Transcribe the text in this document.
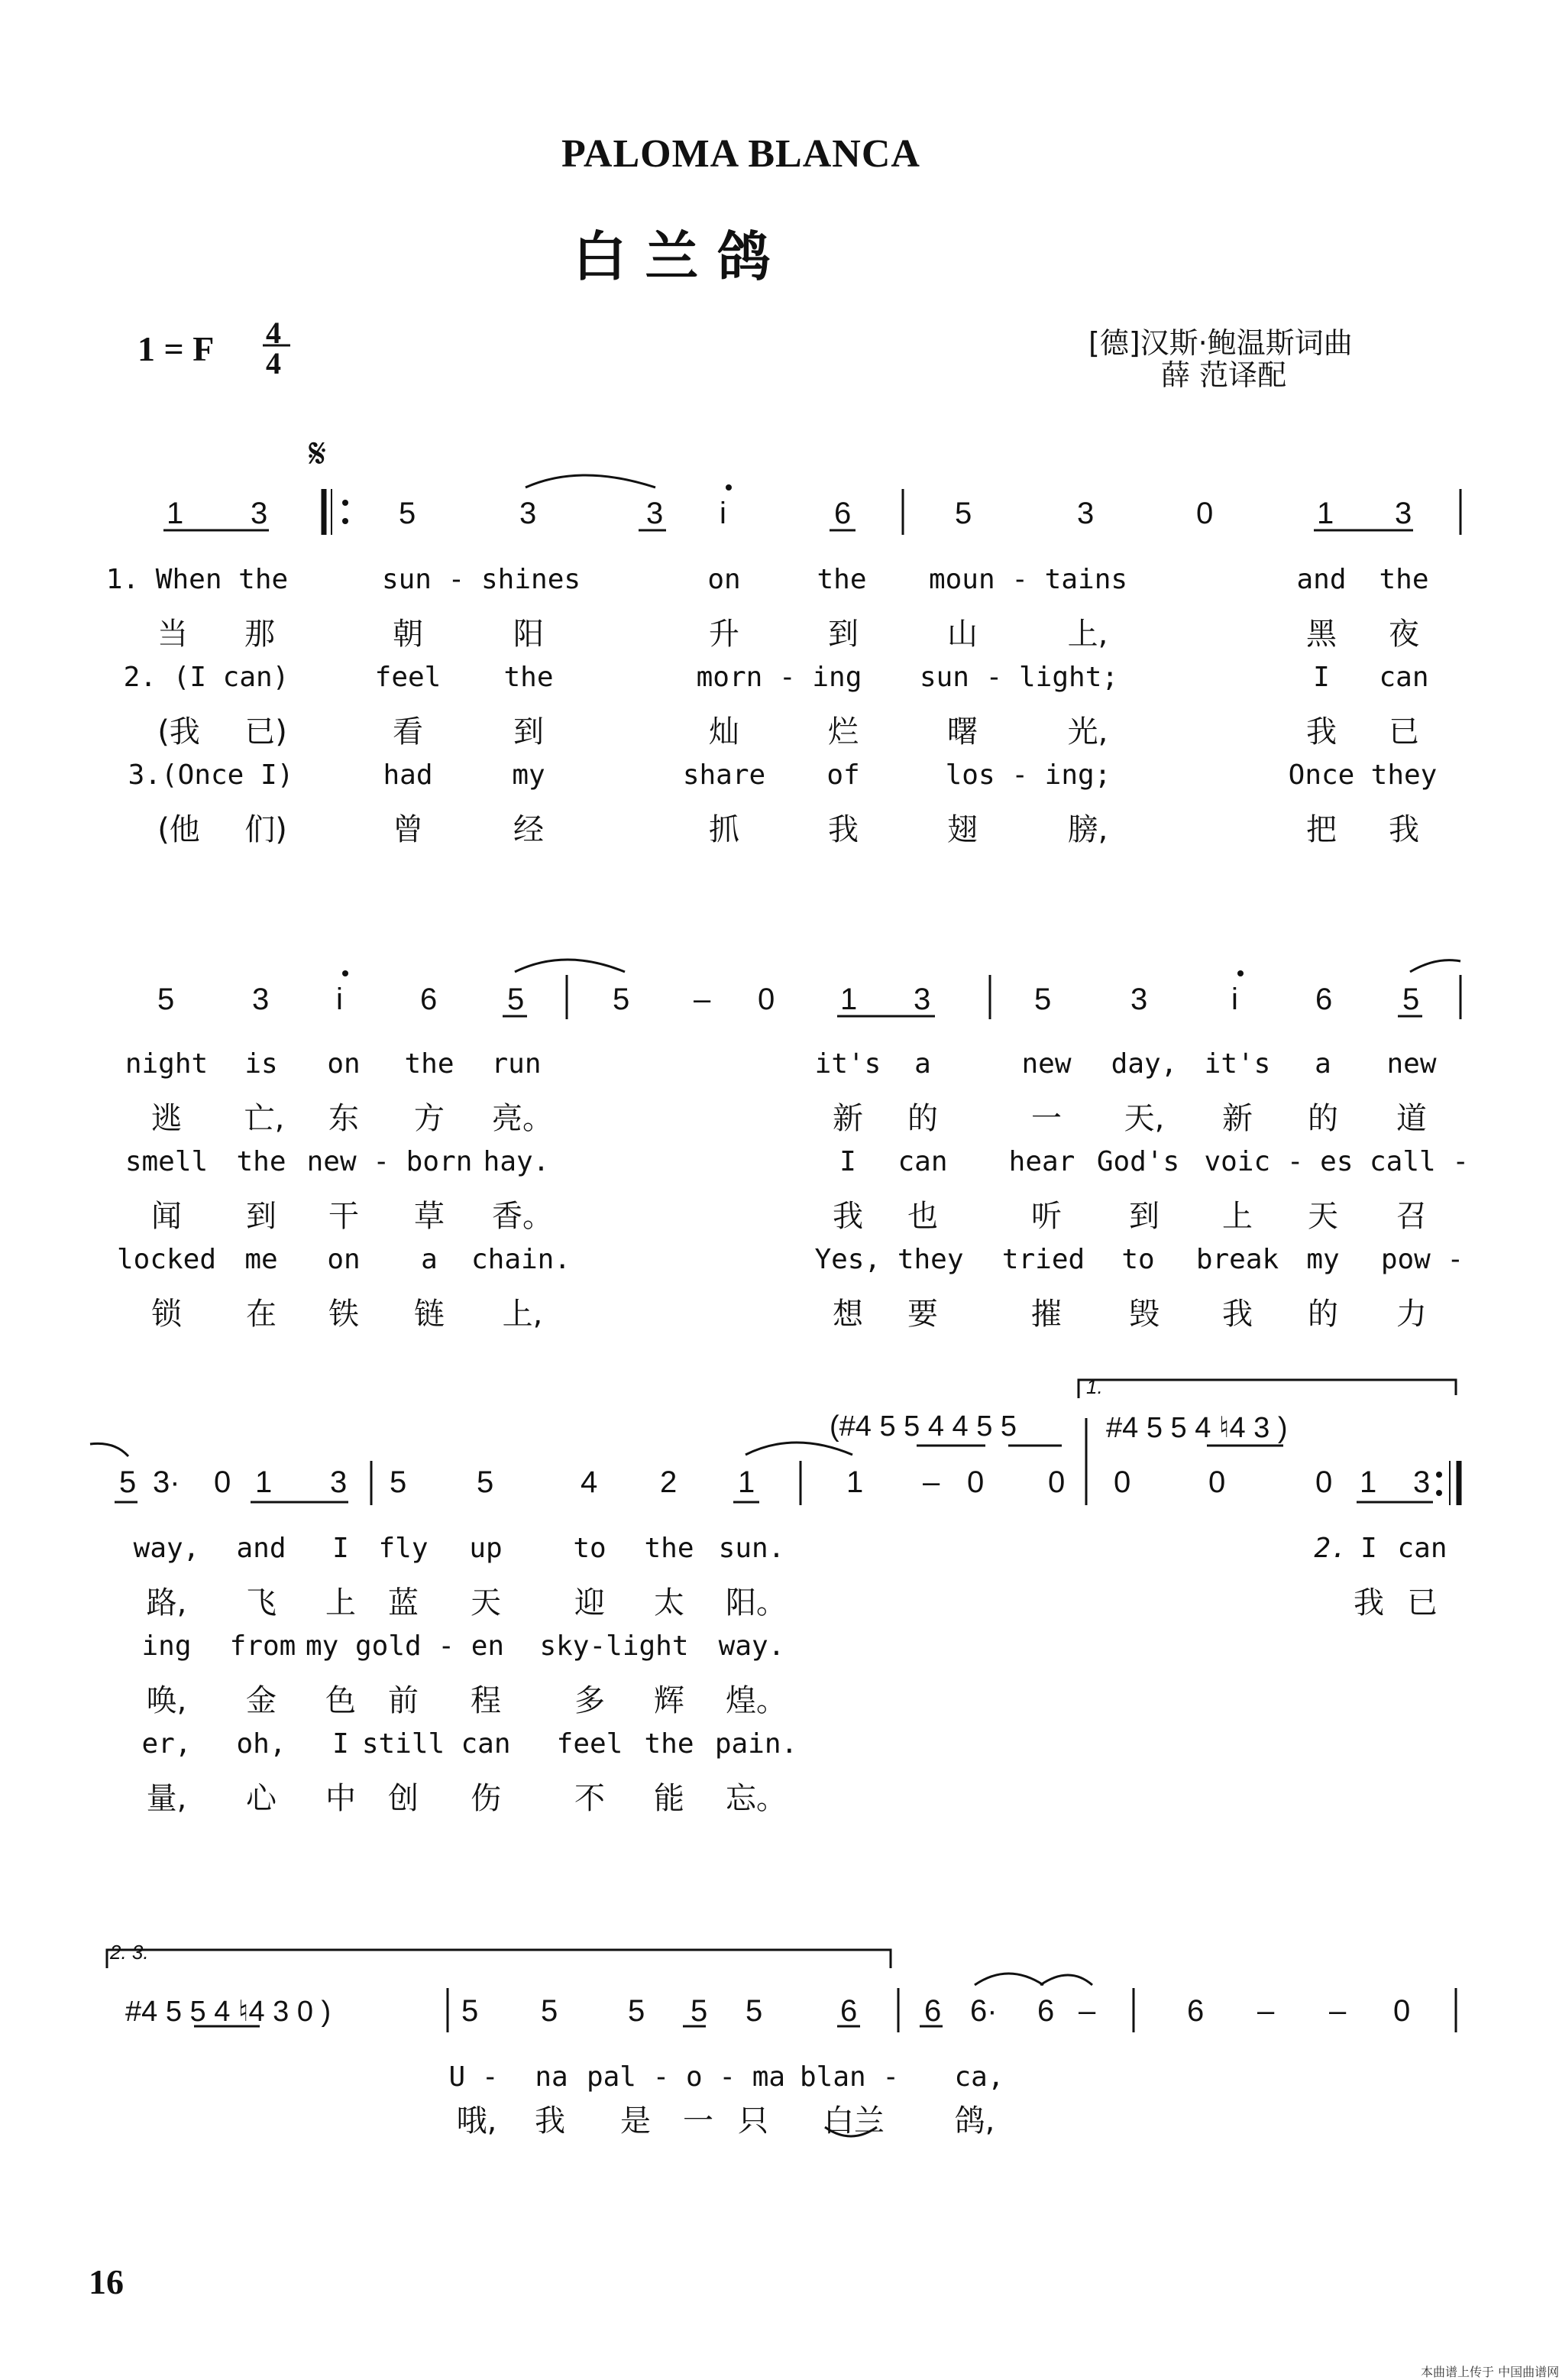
PALOMA BLANCA
白 兰 鸽
1 = F 4
4
[德]汉斯·鲍温斯词曲
薛 范译配
𝄋
1 3	5	3	3 i	6	5	3	0	1 3
1. When the	sun - shines	on	the moun - tains	and the
当 那	朝	阳	升	到	山	上,	黑 夜
2. (I can)	feel the	morn - ing sun - light;	I can
(我 已)	看	到	灿	烂	曙	光,	我 已
3.(Once I)	had	my	share of	los - ing;	Once they
(他 们)	曾	经	抓	我	翅	膀,	把 我
5	3 i	6 5	5 – 0 1 3	5	3	i	6 5
night is on the run	it's a	new day, it's a new
逃 亡, 东 方 亮。	新 的	一 天, 新 的 道
smell the new - born hay.	I can hear God's voic - es call -
闻 到 干 草 香。	我 也	听 到 上 天 召
locked me on a chain.	Yes, they tried to break my pow -
锁 在 铁 链 上,	想 要	摧 毁 我 的 力
(#4 5 5 4 4 5 5
1.
#4 5 5 4 ♮4 3 )
5 3· 0 1 3 5 5	4 2 1	1 – 0 0 0	0	0 1 3
way, and I fly up	to the sun.	2. I can
路, 飞 上 蓝 天 迎 太 阳。	我 已
ing from my gold - en sky-light way.
唤, 金 色 前 程 多 辉 煌。
er, oh, I still can feel the pain.
量, 心 中 创 伤 不 能 忘。
2. 3.
#4 5 5 4 ♮4 3 0 )	5 5 5 5 5	6 6 6· 6 –	6 – – 0
U - na pal - o - ma blan - ca,
哦, 我 是 一 只 白兰 鸽,
16
本曲谱上传于 中国曲谱网
